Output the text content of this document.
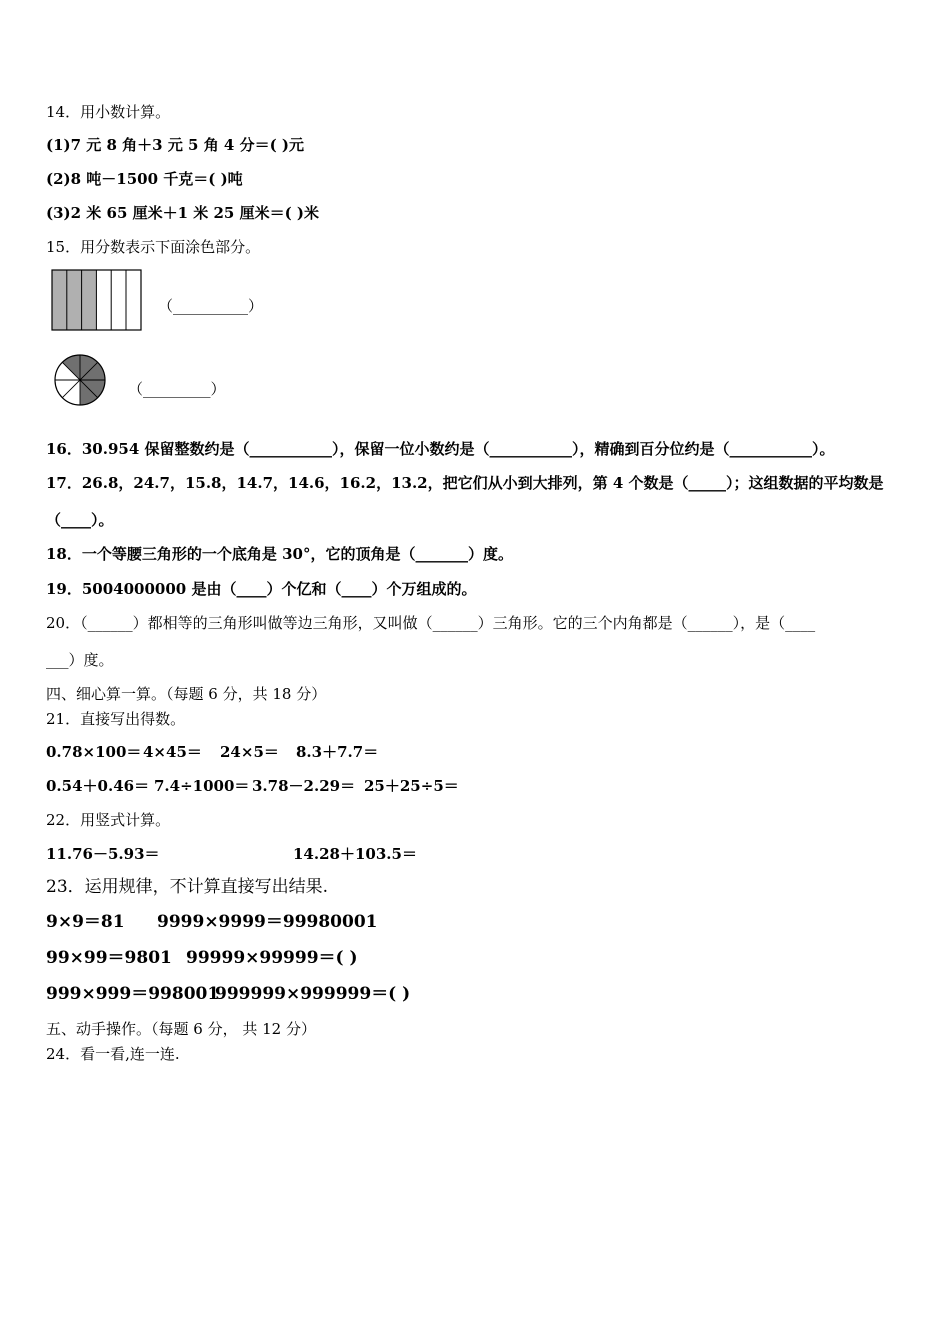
14．用小数计算。
(1)7 元 8 角＋3 元 5 角 4 分＝( )元
(2)8 吨－1500 千克＝( )吨
(3)2 米 65 厘米＋1 米 25 厘米＝( )米
15．用分数表示下面涂色部分。
（__________）
（_________）
16．30.954 保留整数约是（___________），保留一位小数约是（___________），精确到百分位约是（___________）。
17．26.8，24.7，15.8，14.7，14.6，16.2，13.2，把它们从小到大排列，第 4 个数是（_____）；这组数据的平均数是
（____）。
18．一个等腰三角形的一个底角是 30°，它的顶角是（_______）度。
19．5004000000 是由（____）个亿和（____）个万组成的。
20．（______）都相等的三角形叫做等边三角形，又叫做（______）三角形。它的三个内角都是（______），是（____
___）度。
四、细心算一算。（每题 6 分，共 18 分）
21．直接写出得数。
0.78×100＝ 4×45＝ 24×5＝ 8.3＋7.7＝
0.54＋0.46＝ 7.4÷1000＝ 3.78－2.29＝ 25＋25÷5＝
22．用竖式计算。
11.76－5.93＝	14.28＋103.5＝
23．运用规律，不计算直接写出结果.
9×9＝81 9999×9999＝99980001
99×99＝9801 99999×99999＝( )
999×999＝998001999999×999999＝( )
五、动手操作。（每题 6 分， 共 12 分）
24．看一看,连一连.
